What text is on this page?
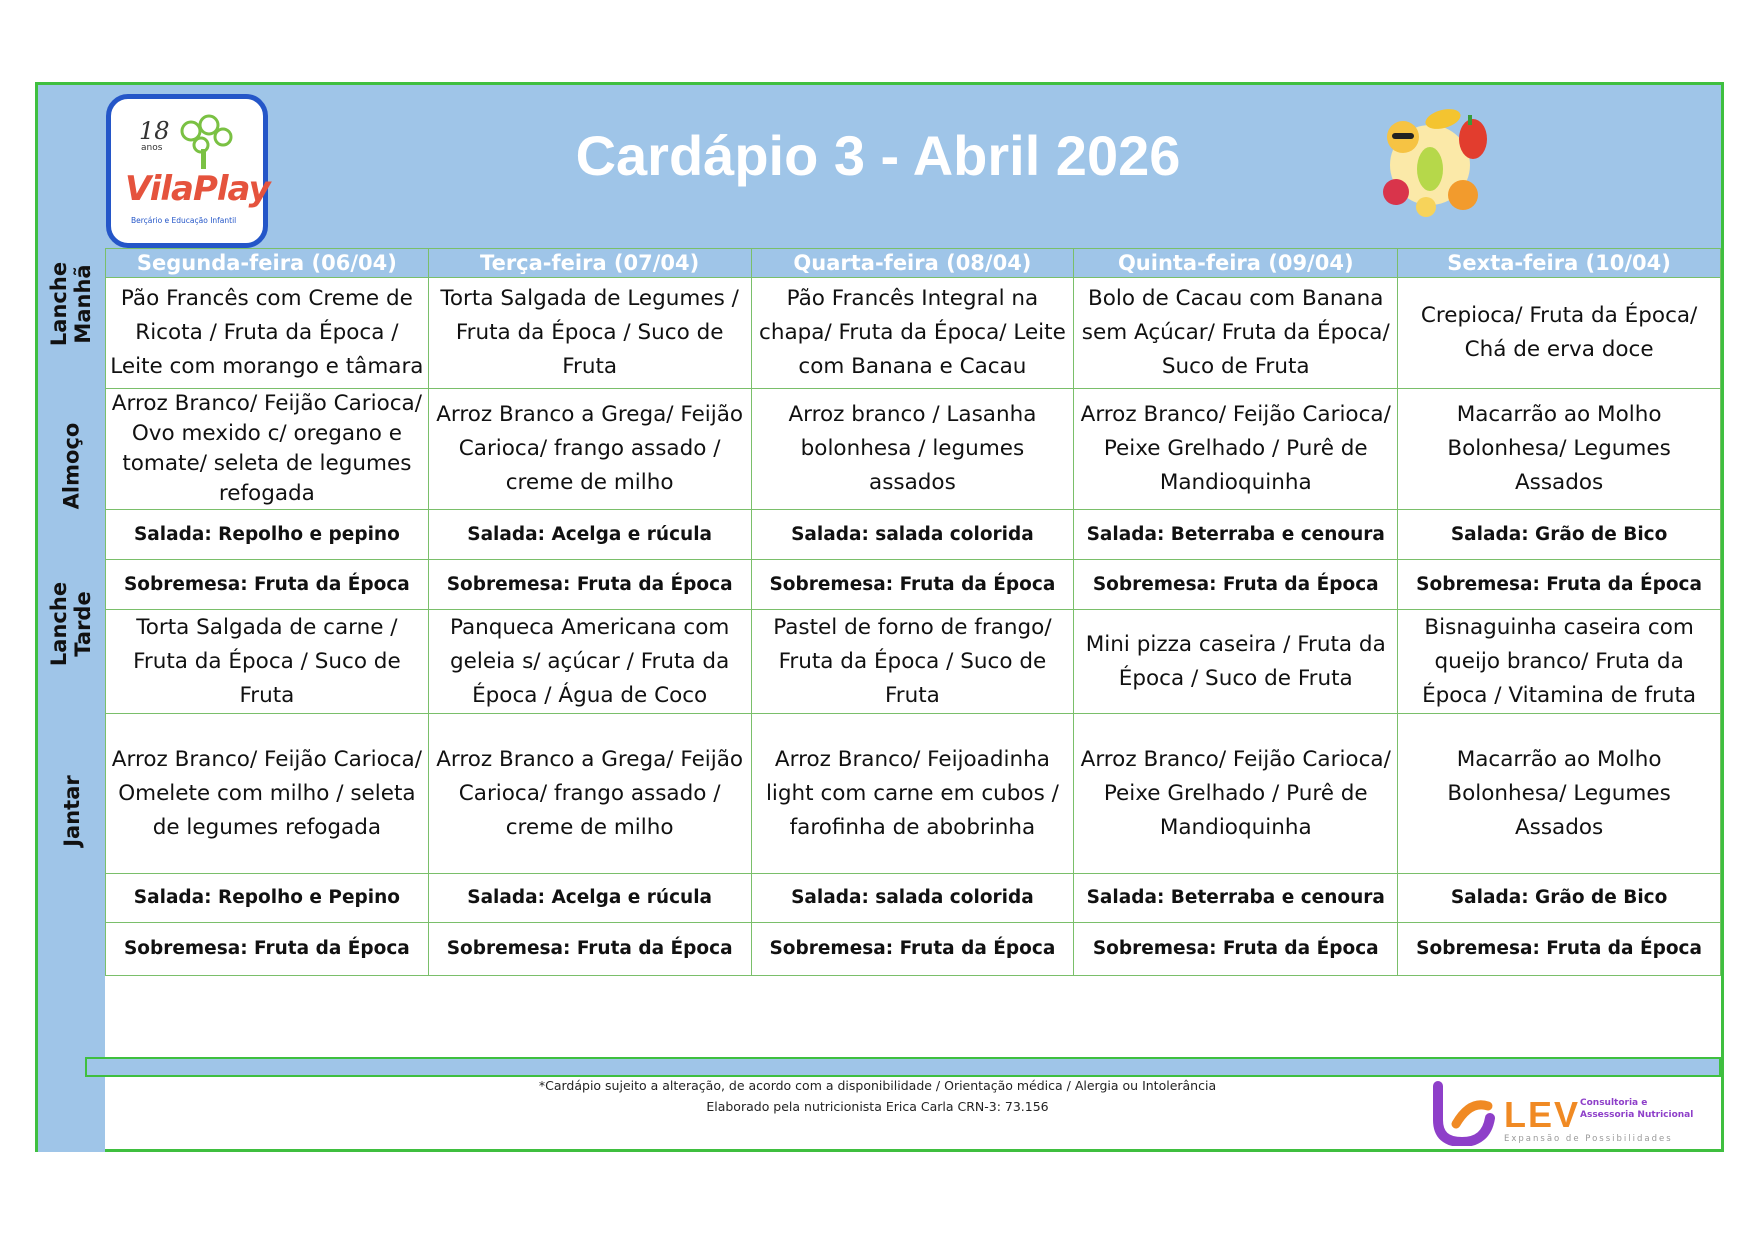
18
anos
VilaPlay
Berçário e Educação Infantil
Cardápio 3 - Abril 2026
Lanche
Manhã
Almoço
Lanche
Tarde
Jantar
Segunda-feira (06/04)	Terça-feira (07/04)	Quarta-feira (08/04)	Quinta-feira (09/04)	Sexta-feira (10/04)
Pão Francês com Creme de Ricota / Fruta da Época / Leite com morango e tâmara	Torta Salgada de Legumes / Fruta da Época / Suco de Fruta	Pão Francês Integral na chapa/ Fruta da Época/ Leite com Banana e Cacau	Bolo de Cacau com Banana sem Açúcar/ Fruta da Época/ Suco de Fruta	Crepioca/ Fruta da Época/ Chá de erva doce
Arroz Branco/ Feijão Carioca/ Ovo mexido c/ oregano e tomate/ seleta de legumes refogada	Arroz Branco a Grega/ Feijão Carioca/ frango assado / creme de milho	Arroz branco / Lasanha bolonhesa / legumes assados	Arroz Branco/ Feijão Carioca/ Peixe Grelhado / Purê de Mandioquinha	Macarrão ao Molho Bolonhesa/ Legumes Assados
Salada: Repolho e pepino	Salada: Acelga e rúcula	Salada: salada colorida	Salada: Beterraba e cenoura	Salada: Grão de Bico
Sobremesa: Fruta da Época	Sobremesa: Fruta da Época	Sobremesa: Fruta da Época	Sobremesa: Fruta da Época	Sobremesa: Fruta da Época
Torta Salgada de carne / Fruta da Época / Suco de Fruta	Panqueca Americana com geleia s/ açúcar / Fruta da Época / Água de Coco	Pastel de forno de frango/ Fruta da Época / Suco de Fruta	Mini pizza caseira / Fruta da Época / Suco de Fruta	Bisnaguinha caseira com queijo branco/ Fruta da Época / Vitamina de fruta
Arroz Branco/ Feijão Carioca/ Omelete com milho / seleta de legumes refogada	Arroz Branco a Grega/ Feijão Carioca/ frango assado / creme de milho	Arroz Branco/ Feijoadinha light com carne em cubos / farofinha de abobrinha	Arroz Branco/ Feijão Carioca/ Peixe Grelhado / Purê de Mandioquinha	Macarrão ao Molho Bolonhesa/ Legumes Assados
Salada: Repolho e Pepino	Salada: Acelga e rúcula	Salada: salada colorida	Salada: Beterraba e cenoura	Salada: Grão de Bico
Sobremesa: Fruta da Época	Sobremesa: Fruta da Época	Sobremesa: Fruta da Época	Sobremesa: Fruta da Época	Sobremesa: Fruta da Época
*Cardápio sujeito a alteração, de acordo com a disponibilidade / Orientação médica / Alergia ou Intolerância
Elaborado pela nutricionista Erica Carla CRN-3: 73.156	LEV Consultoria e
Assessoria Nutricional
Expansão de Possibilidades
